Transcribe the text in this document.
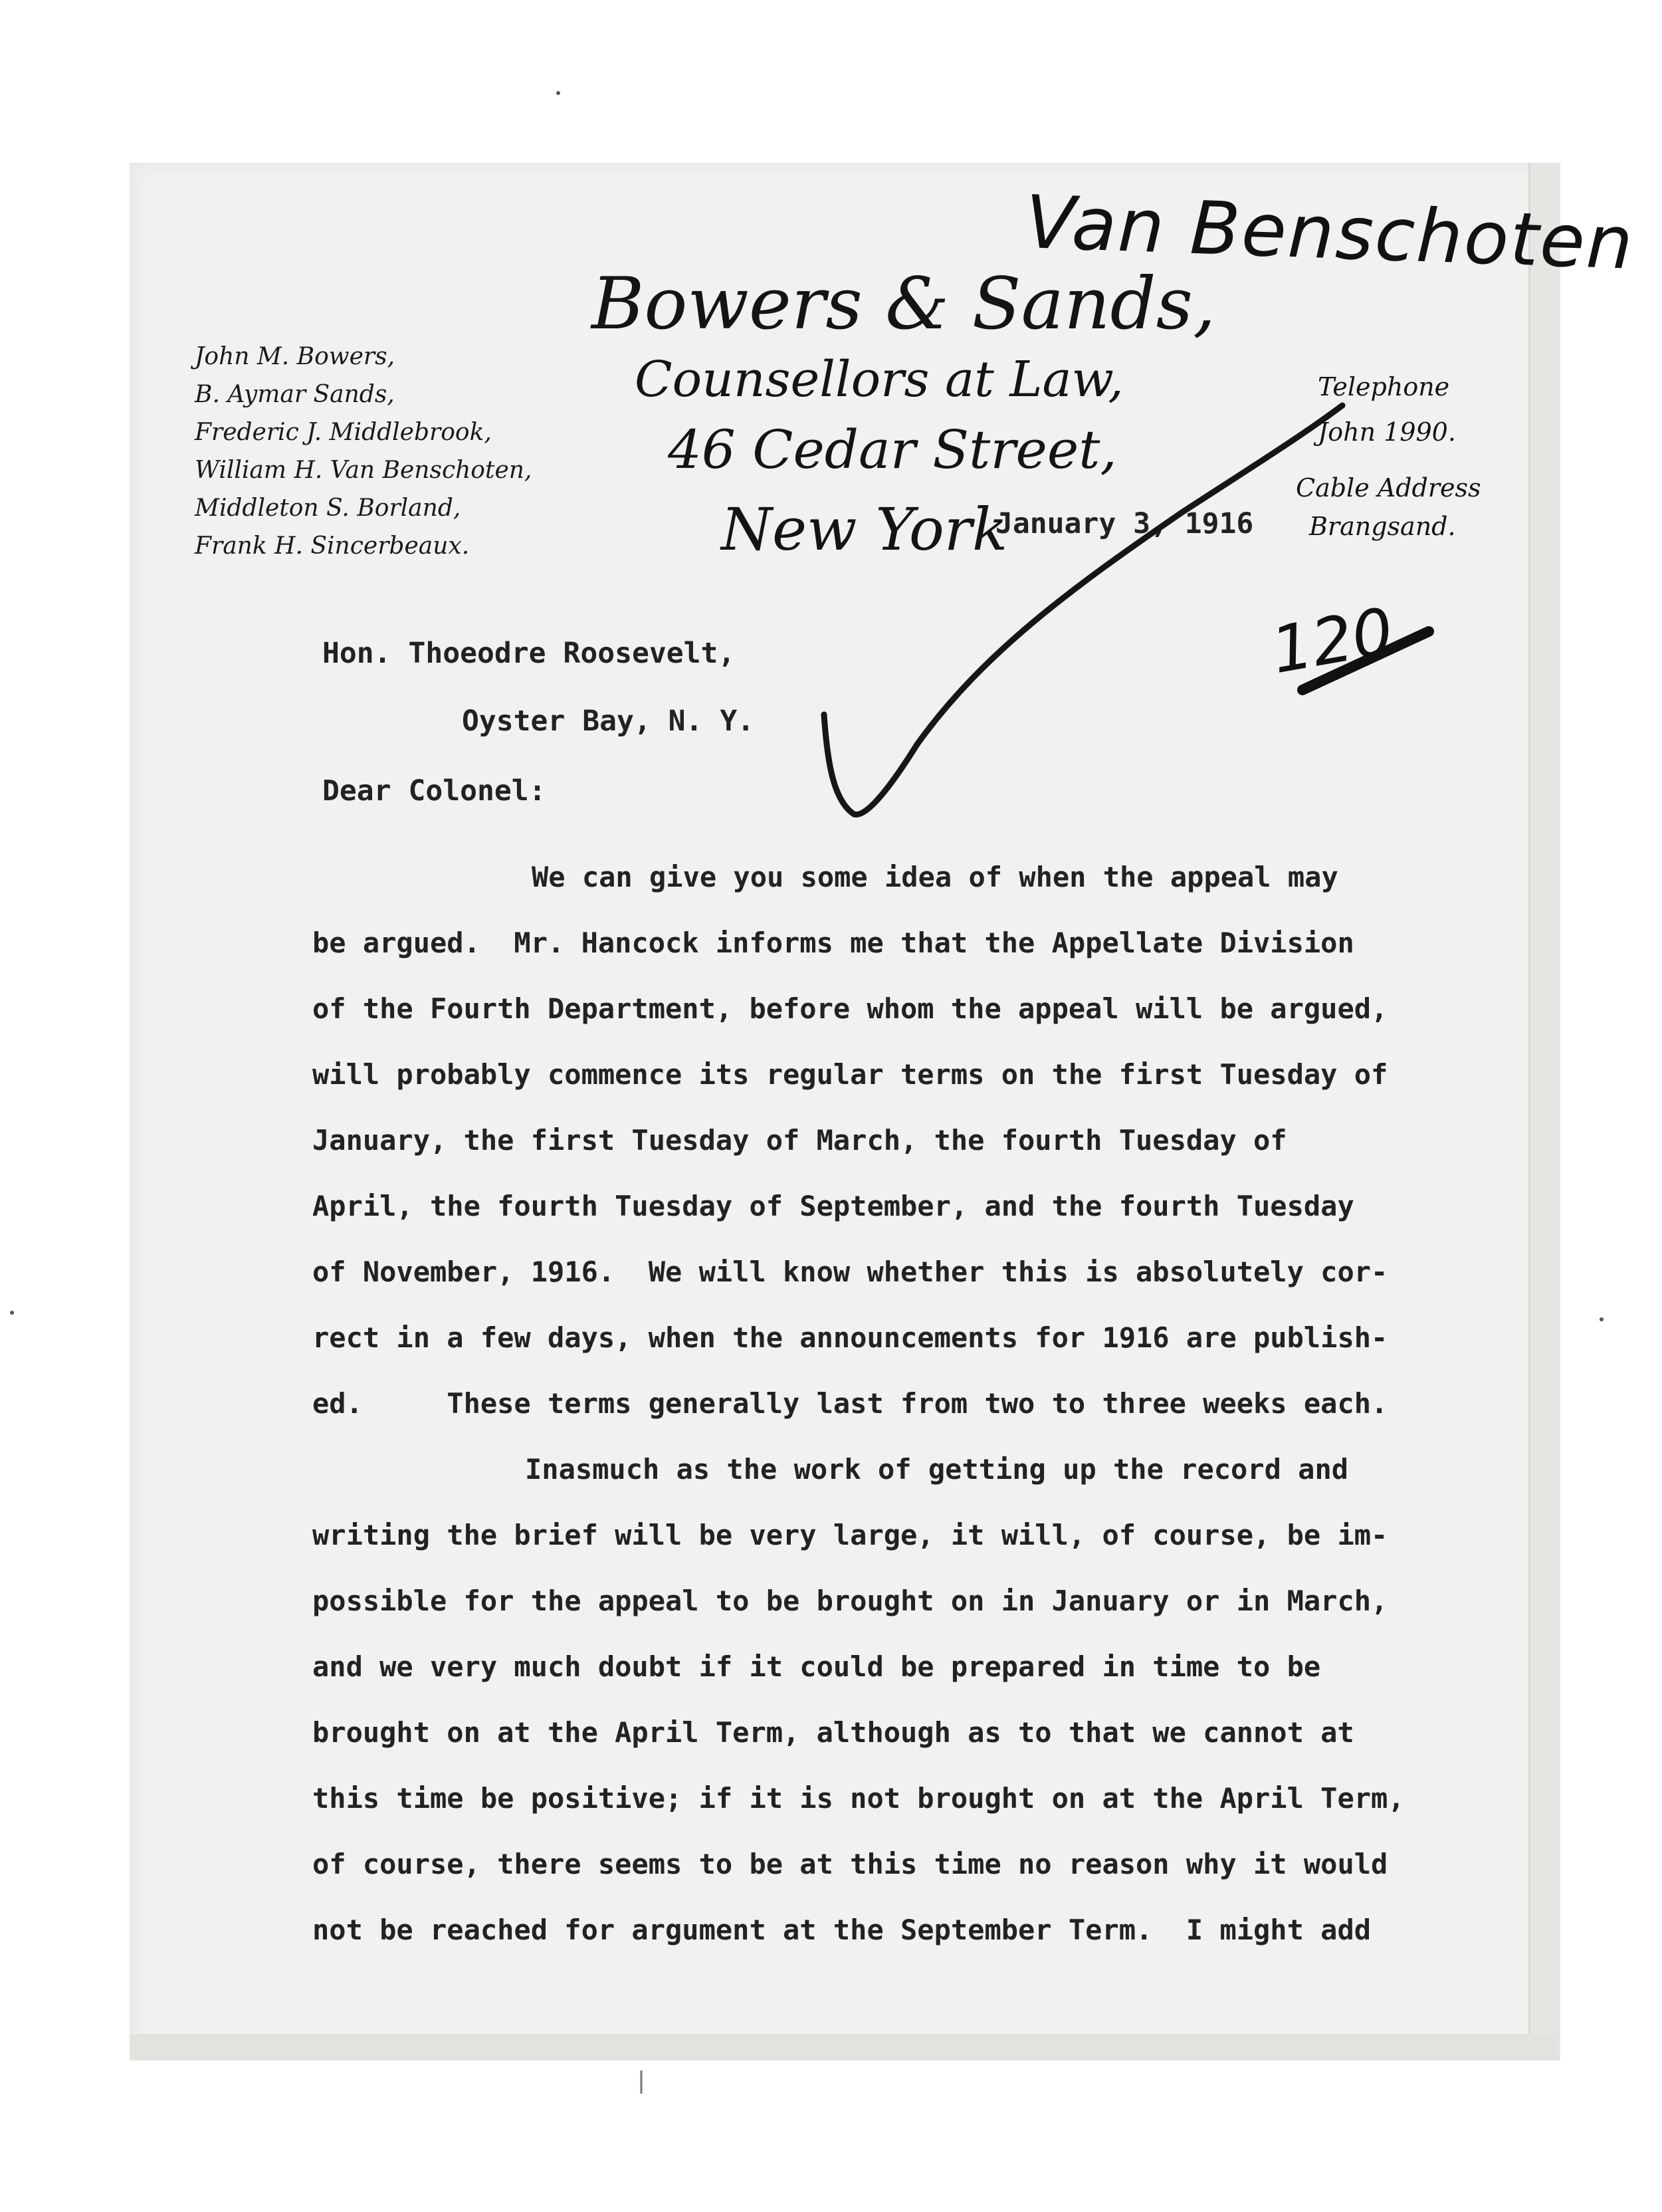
Bowers & Sands,
Counsellors at Law,
46 Cedar Street,
New York
John M. Bowers,
B. Aymar Sands,
Frederic J. Middlebrook,
William H. Van Benschoten,
Middleton S. Borland,
Frank H. Sincerbeaux.
Telephone
John 1990.
Cable Address
Brangsand.
January 3, 1916
Hon. Thoeodre Roosevelt,
Oyster Bay, N. Y.
Dear Colonel:
We can give you some idea of when the appeal may
be argued.  Mr. Hancock informs me that the Appellate Division
of the Fourth Department, before whom the appeal will be argued,
will probably commence its regular terms on the first Tuesday of
January, the first Tuesday of March, the fourth Tuesday of
April, the fourth Tuesday of September, and the fourth Tuesday
of November, 1916.  We will know whether this is absolutely cor-
rect in a few days, when the announcements for 1916 are publish-
ed.     These terms generally last from two to three weeks each.
Inasmuch as the work of getting up the record and
writing the brief will be very large, it will, of course, be im-
possible for the appeal to be brought on in January or in March,
and we very much doubt if it could be prepared in time to be
brought on at the April Term, although as to that we cannot at
this time be positive; if it is not brought on at the April Term,
of course, there seems to be at this time no reason why it would
not be reached for argument at the September Term.  I might add
Van Benschoten
120
